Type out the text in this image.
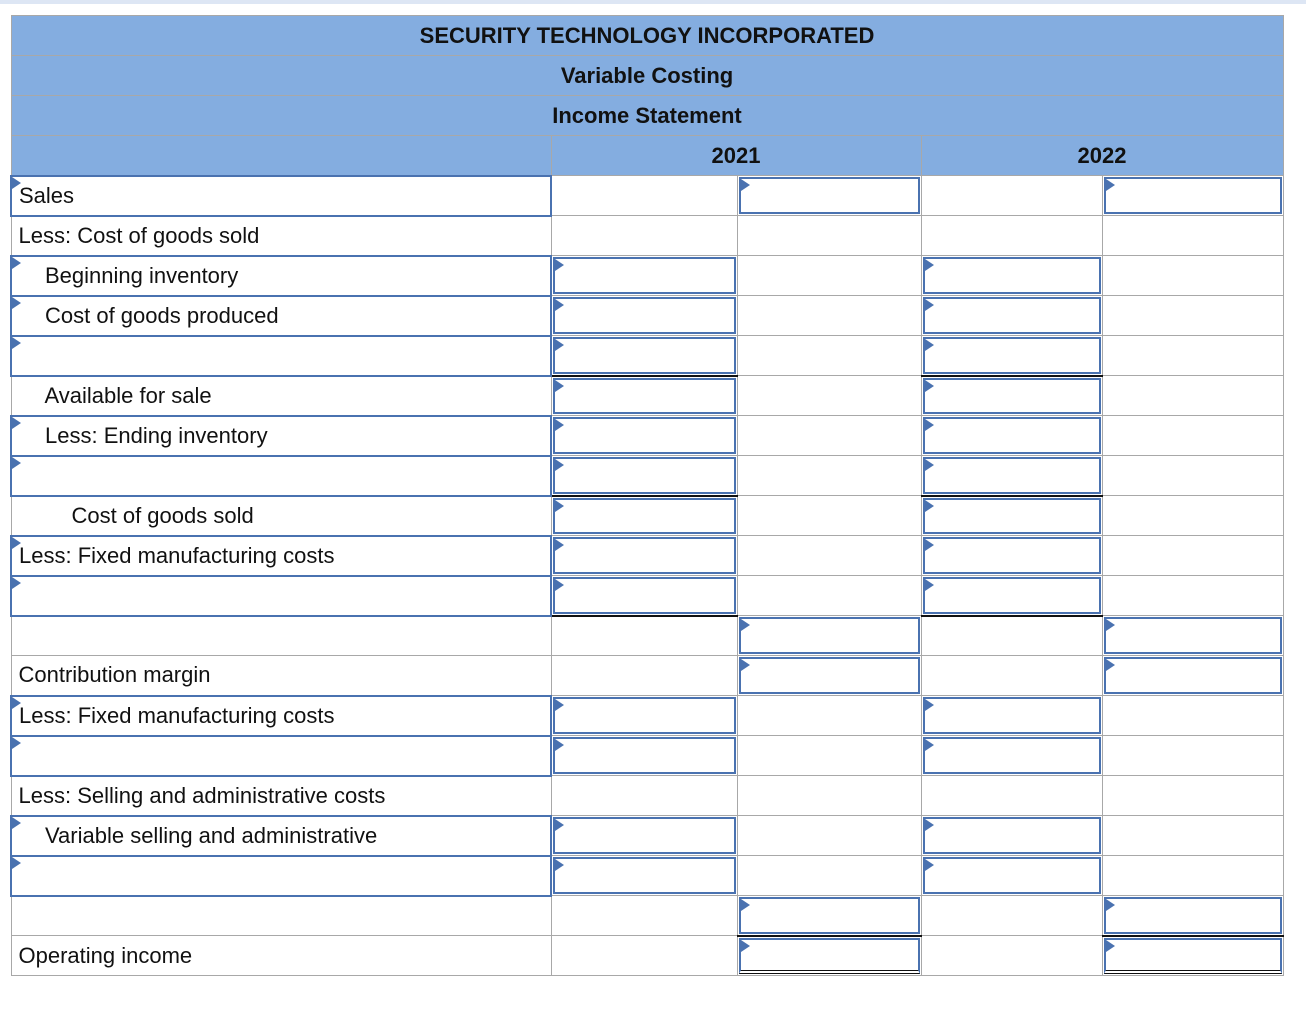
SECURITY TECHNOLOGY INCORPORATED				
Variable Costing				
Income Statement				
	2021		2022	

Sales		

Less: Cost of goods sold				

Beginning inventory	

Cost of goods produced	

Available for sale	

Less: Ending inventory	

Cost of goods sold	

Less: Fixed manufacturing costs	

Contribution margin		

Less: Fixed manufacturing costs	

Less: Selling and administrative costs				

Variable selling and administrative	

Operating income		
